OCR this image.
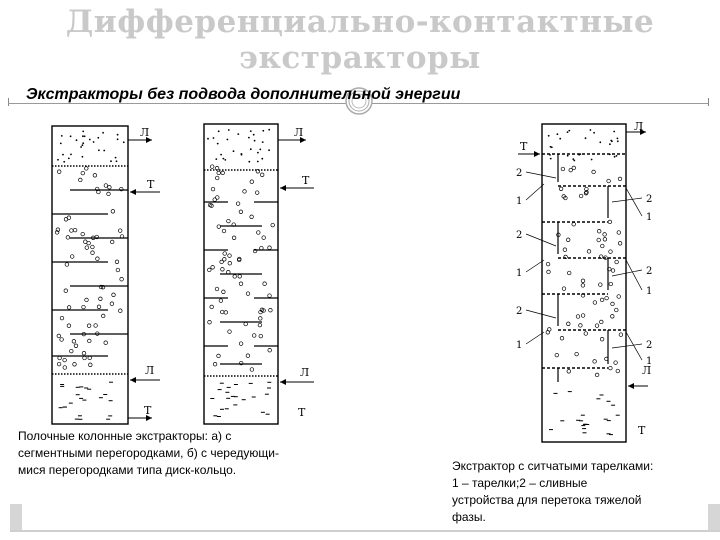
Дифференциально-контактные
экстракторы
Экстракторы без подвода дополнительной энергии
Л
Т
Л
Т
Л
Т
Л
Т
Л
Т
Л
Т
2
1
2
1
2
1
2
1
2
1
2
1
Полочные колонные экстракторы: а) с
сегментными перегородками, б) с чередующи-
мися перегородками типа диск-кольцо.	Экстрактор с ситчатыми тарелками:
1 – тарелки;2 – сливные
устройства для перетока тяжелой
фазы.
